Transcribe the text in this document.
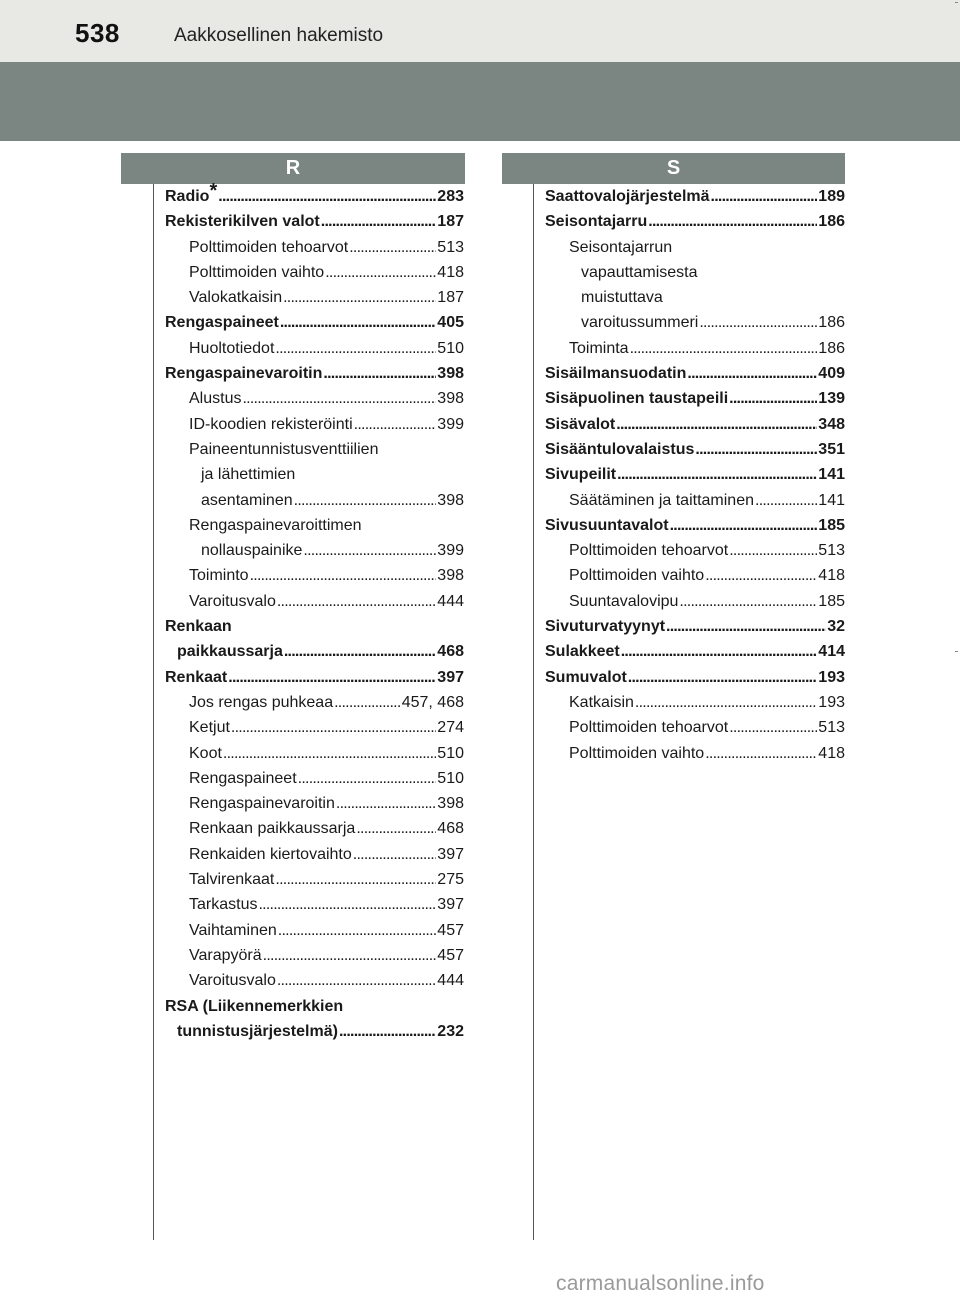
538	Aakkosellinen hakemisto
R	S
Radio* . . .	283
Rekisterikilven valot . . .	187
Polttimoiden tehoarvot . . .	513
Polttimoiden vaihto . . .	418
Valokatkaisin . . .	187
Rengaspaineet . . .	405
Huoltotiedot . . .	510
Rengaspainevaroitin . . .	398
Alustus . . .	398
ID-koodien rekisteröinti . . .	399
Paineentunnistusventtiilien
ja lähettimien
asentaminen . . .	398
Rengaspainevaroittimen
nollauspainike . . .	399
Toiminto . . .	398
Varoitusvalo . . .	444
Renkaan
paikkaussarja . . .	468
Renkaat . . .	397
Jos rengas puhkeaa . . .	457, 468
Ketjut . . .	274
Koot . . .	510
Rengaspaineet . . .	510
Rengaspainevaroitin . . .	398
Renkaan paikkaussarja . . .	468
Renkaiden kiertovaihto . . .	397
Talvirenkaat . . .	275
Tarkastus . . .	397
Vaihtaminen . . .	457
Varapyörä . . .	457
Varoitusvalo . . .	444
RSA (Liikennemerkkien
tunnistusjärjestelmä) . . .	232
Saattovalojärjestelmä . . .	189
Seisontajarru . . .	186
Seisontajarrun
vapauttamisesta
muistuttava
varoitussummeri . . .	186
Toiminta . . .	186
Sisäilmansuodatin . . .	409
Sisäpuolinen taustapeili . . .	139
Sisävalot . . .	348
Sisääntulovalaistus . . .	351
Sivupeilit . . .	141
Säätäminen ja taittaminen . . .	141
Sivusuuntavalot . . .	185
Polttimoiden tehoarvot . . .	513
Polttimoiden vaihto . . .	418
Suuntavalovipu . . .	185
Sivuturvatyynyt . . .	32
Sulakkeet . . .	414
Sumuvalot . . .	193
Katkaisin . . .	193
Polttimoiden tehoarvot . . .	513
Polttimoiden vaihto . . .	418
carmanualsonline.info
